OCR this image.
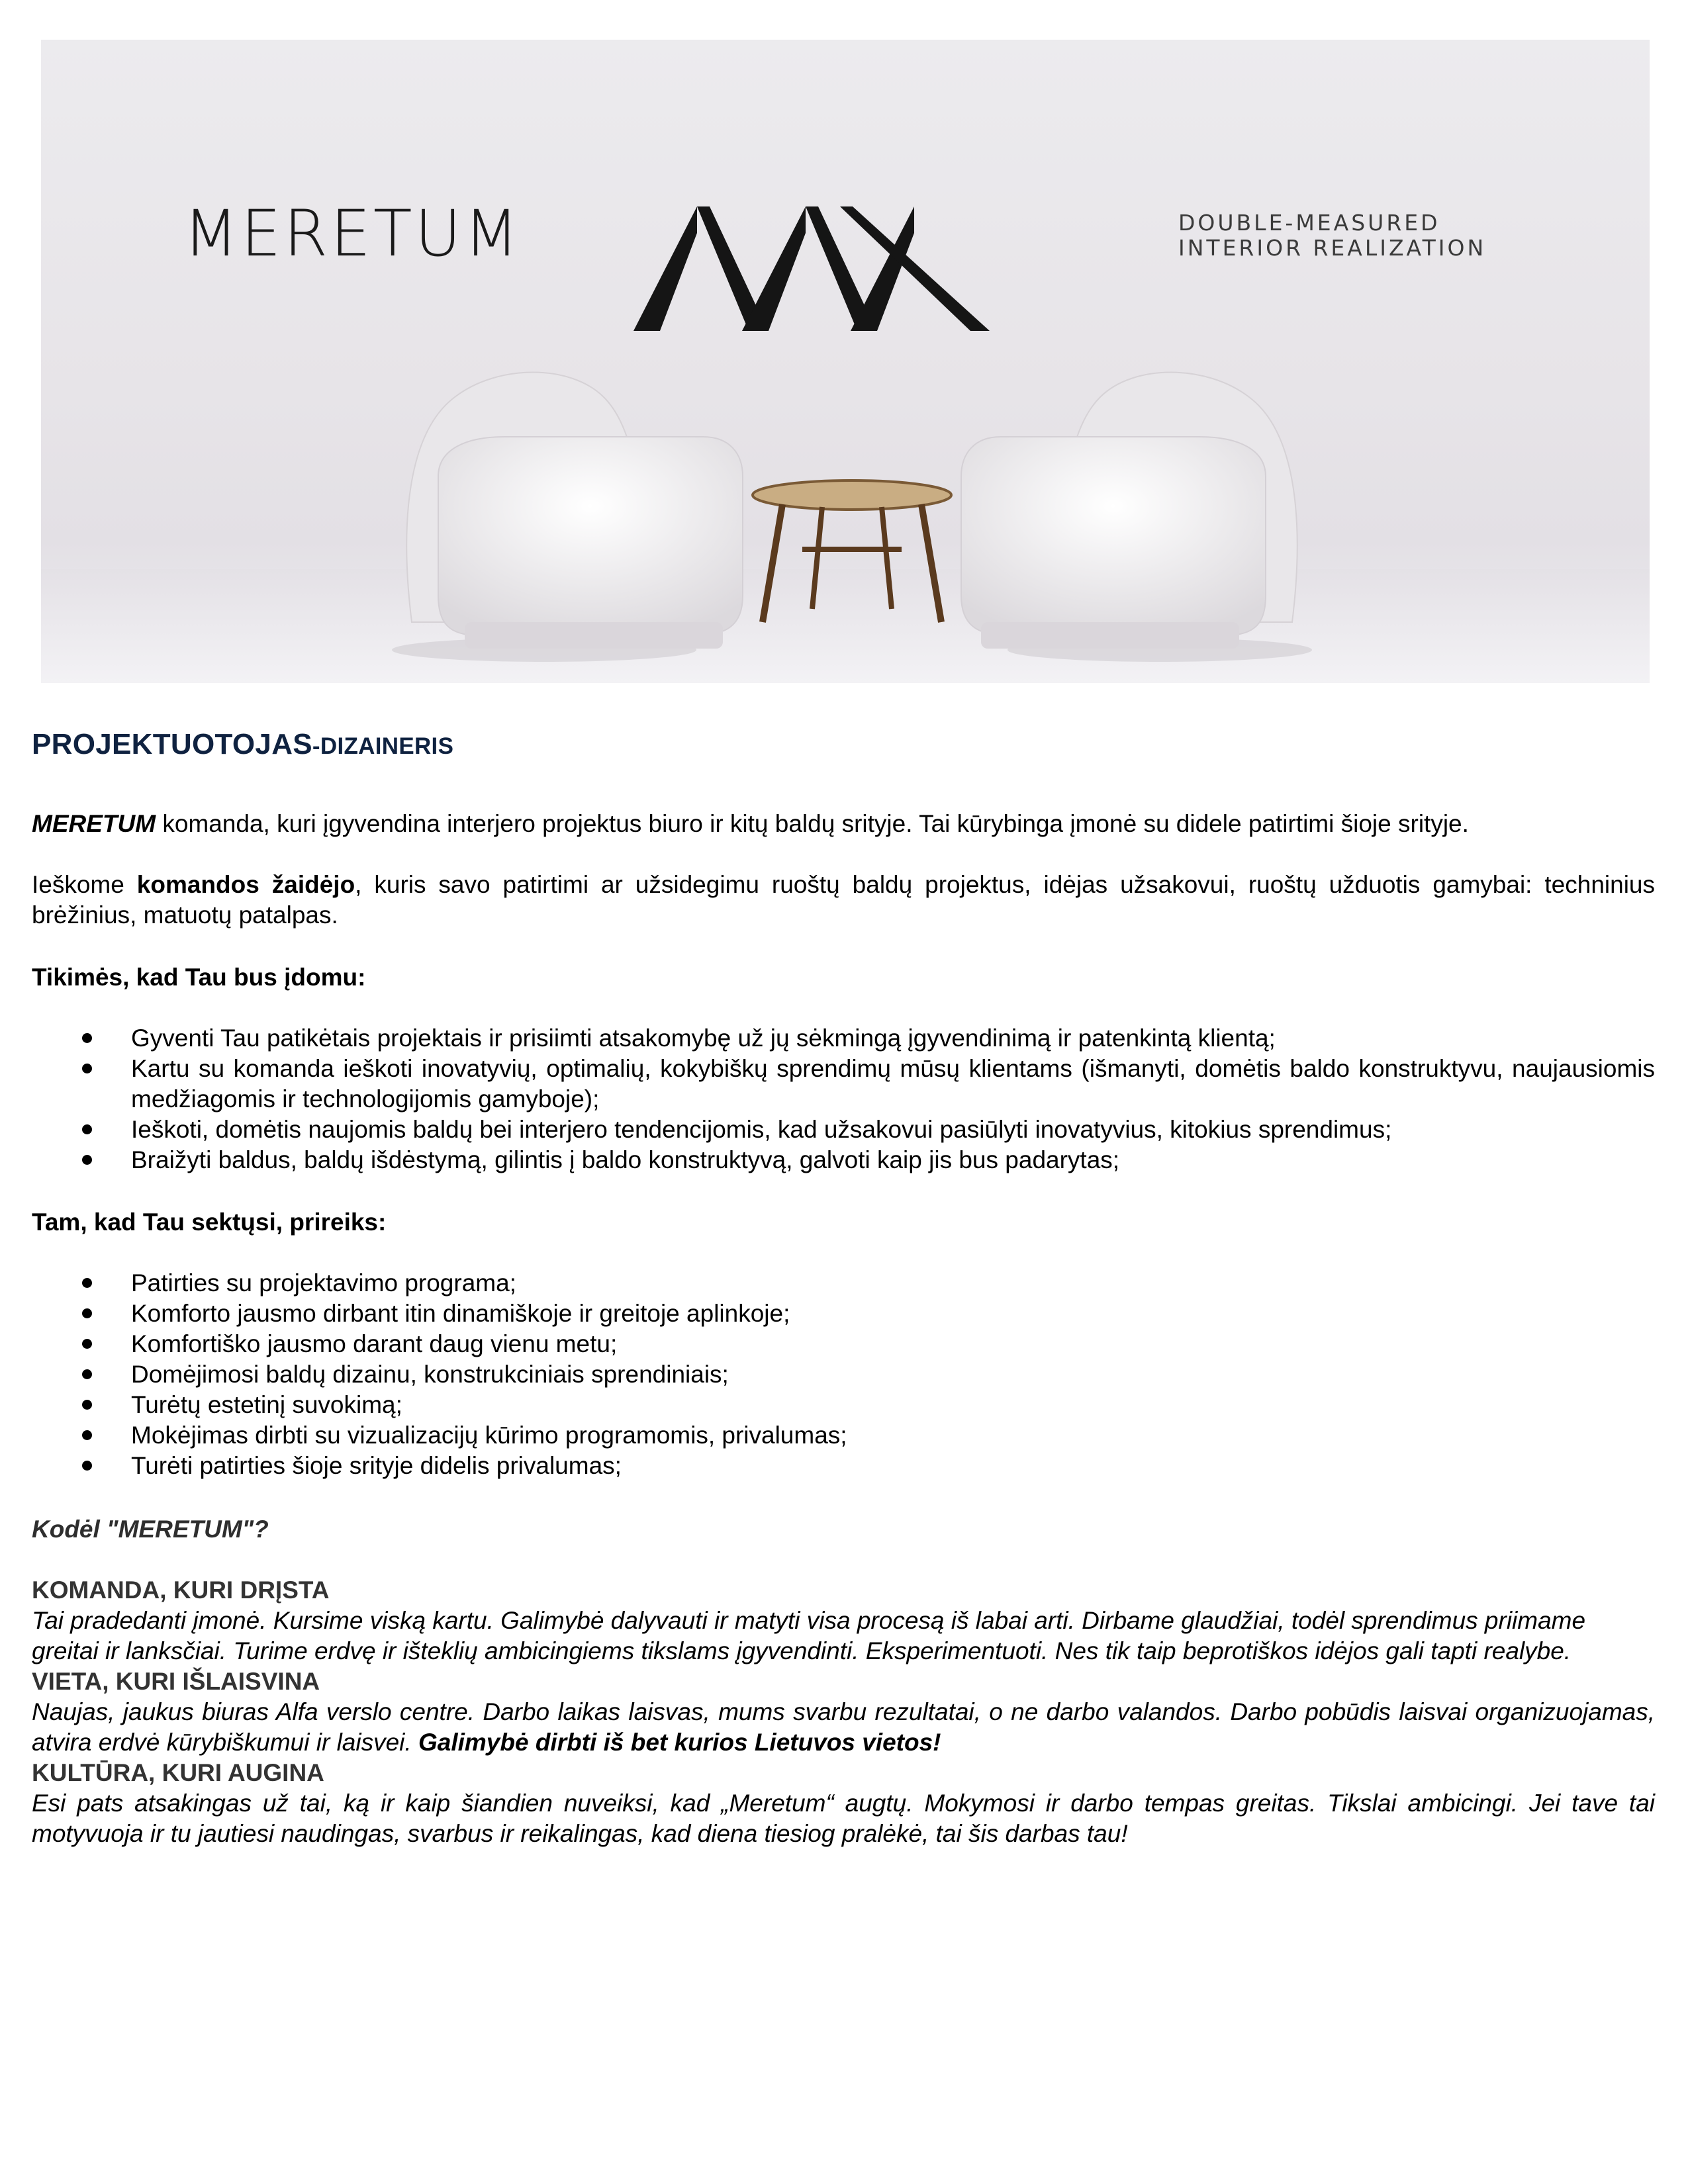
MERETUM	DOUBLE-MEASURED
INTERIOR REALIZATION
PROJEKTUOTOJAS-DIZAINERIS

MERETUM komanda, kuri įgyvendina interjero projektus biuro ir kitų baldų srityje. Tai kūrybinga įmonė su didele patirtimi šioje srityje.

Ieškome komandos žaidėjo, kuris savo patirtimi ar užsidegimu ruoštų baldų projektus, idėjas užsakovui, ruoštų užduotis gamybai: techninius brėžinius, matuotų patalpas.

Tikimės, kad Tau bus įdomu:

Gyventi Tau patikėtais projektais ir prisiimti atsakomybę už jų sėkmingą įgyvendinimą ir patenkintą klientą;
Kartu su komanda ieškoti inovatyvių, optimalių, kokybiškų sprendimų mūsų klientams (išmanyti, domėtis baldo konstruktyvu, naujausiomis medžiagomis ir technologijomis gamyboje);
Ieškoti, domėtis naujomis baldų bei interjero tendencijomis, kad užsakovui pasiūlyti inovatyvius, kitokius sprendimus;
Braižyti baldus, baldų išdėstymą, gilintis į baldo konstruktyvą, galvoti kaip jis bus padarytas;

Tam, kad Tau sektųsi, prireiks:

Patirties su projektavimo programa;
Komforto jausmo dirbant itin dinamiškoje ir greitoje aplinkoje;
Komfortiško jausmo darant daug vienu metu;
Domėjimosi baldų dizainu, konstrukciniais sprendiniais;
Turėtų estetinį suvokimą;
Mokėjimas dirbti su vizualizacijų kūrimo programomis, privalumas;
Turėti patirties šioje srityje didelis privalumas;

Kodėl "MERETUM"?

KOMANDA, KURI DRĮSTA

Tai pradedanti įmonė. Kursime viską kartu. Galimybė dalyvauti ir matyti visa procesą iš labai arti. Dirbame glaudžiai, todėl sprendimus priimame greitai ir lanksčiai. Turime erdvę ir išteklių ambicingiems tikslams įgyvendinti. Eksperimentuoti. Nes tik taip beprotiškos idėjos gali tapti realybe.

VIETA, KURI IŠLAISVINA

Naujas, jaukus biuras Alfa verslo centre. Darbo laikas laisvas, mums svarbu rezultatai, o ne darbo valandos. Darbo pobūdis laisvai organizuojamas, atvira erdvė kūrybiškumui ir laisvei. Galimybė dirbti iš bet kurios Lietuvos vietos!

KULTŪRA, KURI AUGINA

Esi pats atsakingas už tai, ką ir kaip šiandien nuveiksi, kad „Meretum“ augtų. Mokymosi ir darbo tempas greitas. Tikslai ambicingi. Jei tave tai motyvuoja ir tu jautiesi naudingas, svarbus ir reikalingas, kad diena tiesiog pralėkė, tai šis darbas tau!
